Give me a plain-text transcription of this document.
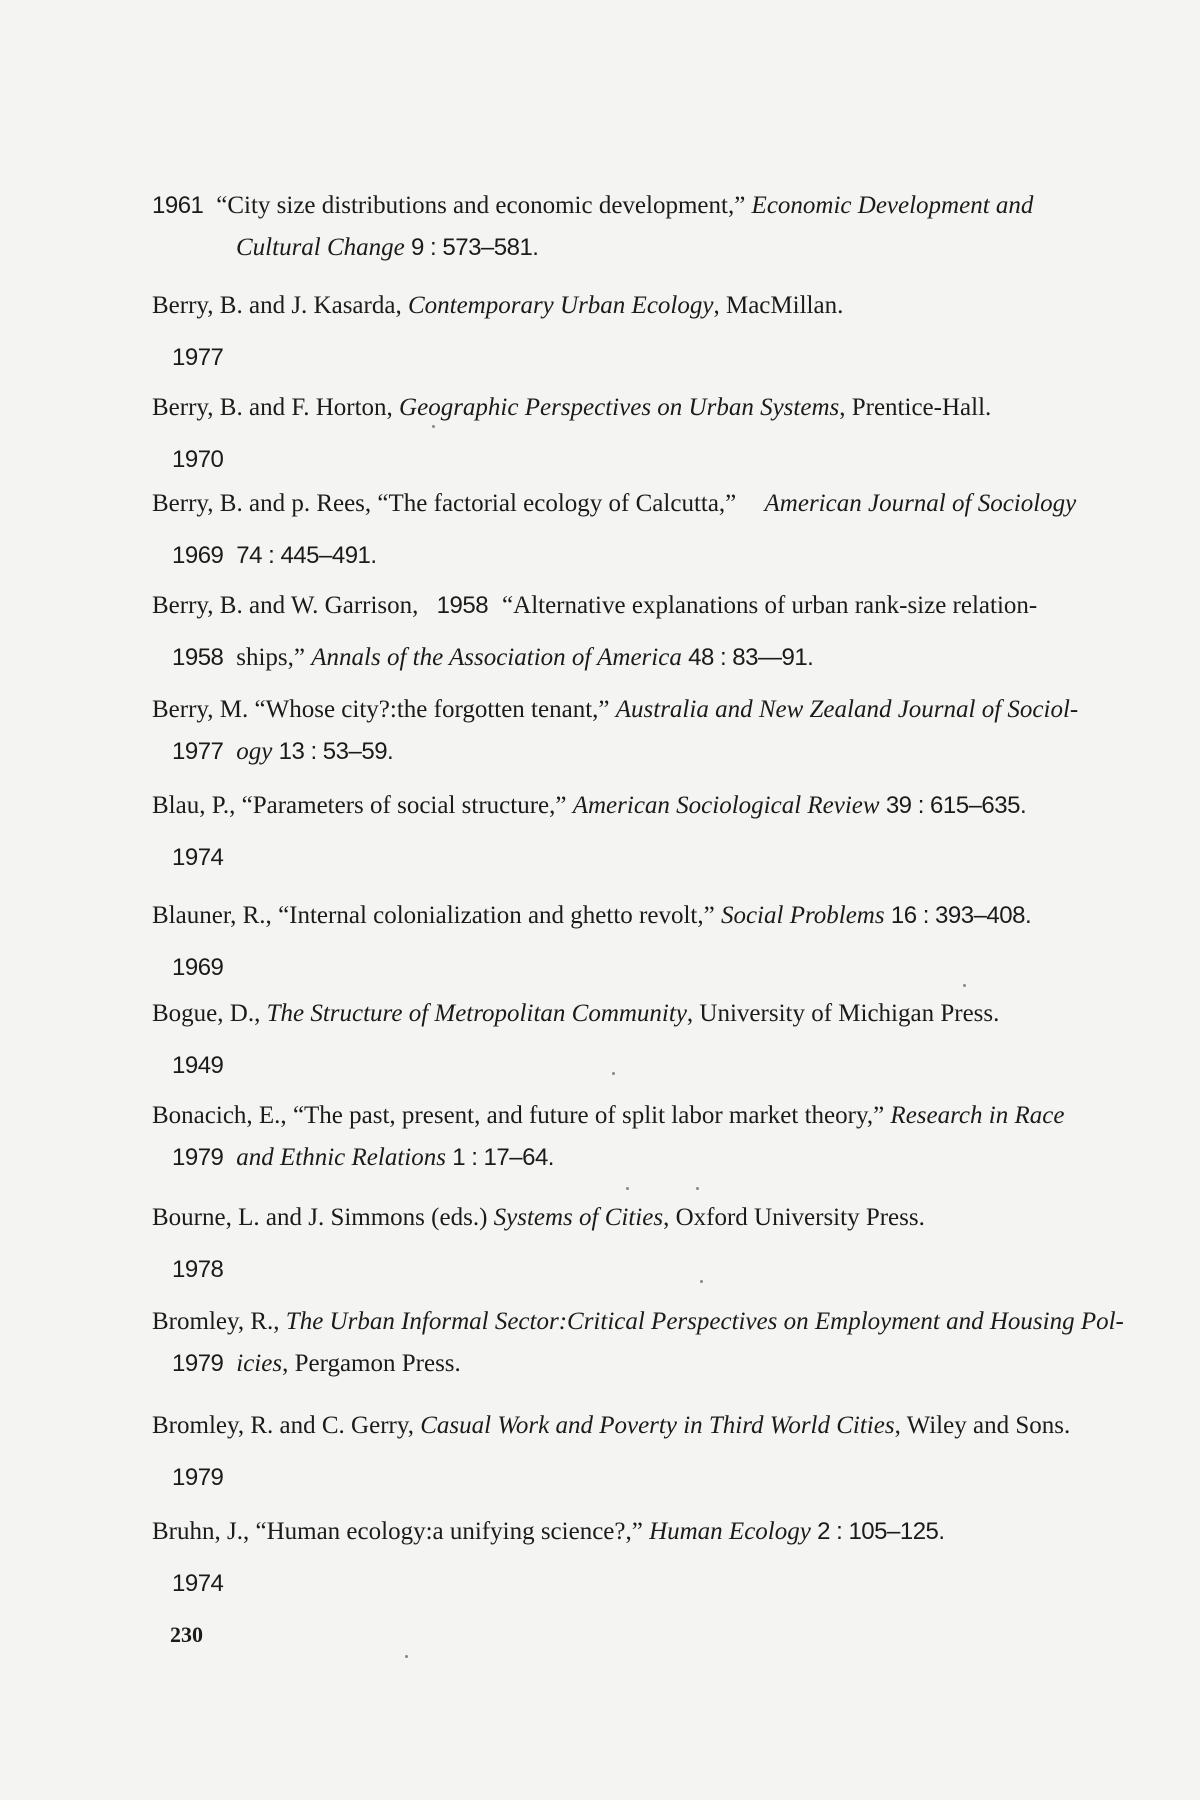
1961 “City size distributions and economic development,” Economic Development and
Cultural Change 9 : 573–581.
Berry, B. and J. Kasarda, Contemporary Urban Ecology, MacMillan.
1977
Berry, B. and F. Horton, Geographic Perspectives on Urban Systems, Prentice-Hall.
1970
Berry, B. and p. Rees, “The factorial ecology of Calcutta,” American Journal of Sociology
1969 74 : 445–491.
Berry, B. and W. Garrison, 1958 “Alternative explanations of urban rank-size relation-
1958 ships,” Annals of the Association of America 48 : 83—91.
Berry, M. “Whose city?:the forgotten tenant,” Australia and New Zealand Journal of Sociol-
1977 ogy 13 : 53–59.
Blau, P., “Parameters of social structure,” American Sociological Review 39 : 615–635.
1974
Blauner, R., “Internal colonialization and ghetto revolt,” Social Problems 16 : 393–408.
1969
Bogue, D., The Structure of Metropolitan Community, University of Michigan Press.
1949
Bonacich, E., “The past, present, and future of split labor market theory,” Research in Race
1979 and Ethnic Relations 1 : 17–64.
Bourne, L. and J. Simmons (eds.) Systems of Cities, Oxford University Press.
1978
Bromley, R., The Urban Informal Sector:Critical Perspectives on Employment and Housing Pol-
1979 icies, Pergamon Press.
Bromley, R. and C. Gerry, Casual Work and Poverty in Third World Cities, Wiley and Sons.
1979
Bruhn, J., “Human ecology:a unifying science?,” Human Ecology 2 : 105–125.
1974
230
